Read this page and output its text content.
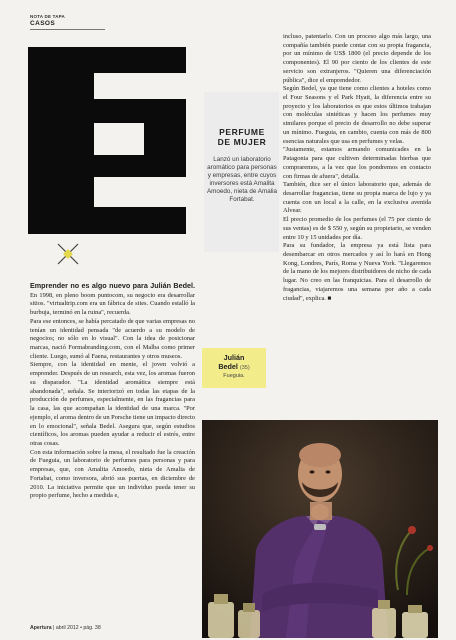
NOTA DE TAPA
CASOS
PERFUME
DE MUJER
Lanzó un laboratorio aromático para personas y empresas, entre cuyos inversores está Amalita Amoedo, nieta de Amalia Fortabat.

Emprender no es algo nuevo para Julián Bedel. En 1998, en pleno boom puntocom, su negocio era desarrollar sitios. "virtualtrip.com era un fábrica de sites. Cuando estalló la burbuja, terminó en la ruina", recuerda.

Para ese entonces, se había percatado de que varias empresas no tenían un identidad pensada "de acuerdo a su modelo de negocios; no sólo en lo visual". Con la idea de posicionar marcas, nació Formabranding.com, con el Malba como primer cliente. Luego, sumó al Faena, restaurantes y otros museos.

Siempre, con la identidad en mente, el joven volvió a emprender. Después de un research, esta vez, los aromas fueron su disparador. "La identidad aromática siempre está abandonada", señala. Se interiorizó en todas las etapas de la producción de perfumes, especialmente, en las fragancias para la casa, las que acompañan la identidad de una marca. "Por ejemplo, el aroma dentro de un Porsche tiene un impacto directo en lo emocional", señala Bedel. Asegura que, según estudios científicos, los aromas pueden ayudar a reducir el estrés, entre otras cosas.

Con esta información sobre la mesa, el resultado fue la creación de Fueguia, un laboratorio de perfumes para personas y para empresas, que, con Amalita Amoedo, nieta de Amalia de Fortabat, como inversora, abrió sus puertas, en diciembre de 2010. La iniciativa permite que un individuo pueda tener su propio perfume, hecho a medida e,

Julián
Bedel (35)
Fueguia.

incluso, patentarlo. Con un proceso algo más largo, una compañía también puede contar con su propia fragancia, por un mínimo de US$ 1800 (el precio depende de los componentes). El 90 por ciento de los clientes de este servicio son extranjeros. "Quieren una diferenciación pública", dice el emprendedor.

Según Bedel, ya que tiene como clientes a hoteles como el Four Seasons y el Park Hyatt, la diferencia entre su proyecto y los laboratorios es que estos últimos trabajan con moléculas sintéticas y hacen los perfumes muy similares porque el precio de desarrollo no debe superar un mínimo. Fueguia, en cambio, cuenta con más de 800 esencias naturales que usa en perfumes y velas.

"Justamente, estamos armando comunicades en la Patagonia para que cultiven determinadas hierbas que compraremos, a la vez que los pondremos en contacto con firmas de afuera", detalla.

También, dice ser el único laboratorio que, además de desarrollar fragancias, tiene su propia marca de lujo y ya cuenta con un local a la calle, en la exclusiva avenida Alvear.

El precio promedio de los perfumes (el 75 por ciento de sus ventas) es de $ 550 y, según su propietario, se venden entre 10 y 15 unidades por día.

Para su fundador, la empresa ya está lista para desembarcar en otros mercados y así lo hará en Hong Kong, Londres, París, Roma y Nueva York. "Llegaremos de la mano de los mejores distribuidores de nicho de cada lugar. No creo en las franquicias. Para el desarrollo de fragancias, viajaremos una semana por año a cada ciudad", explica. ■

Apertura | abril 2012 • pág. 38
